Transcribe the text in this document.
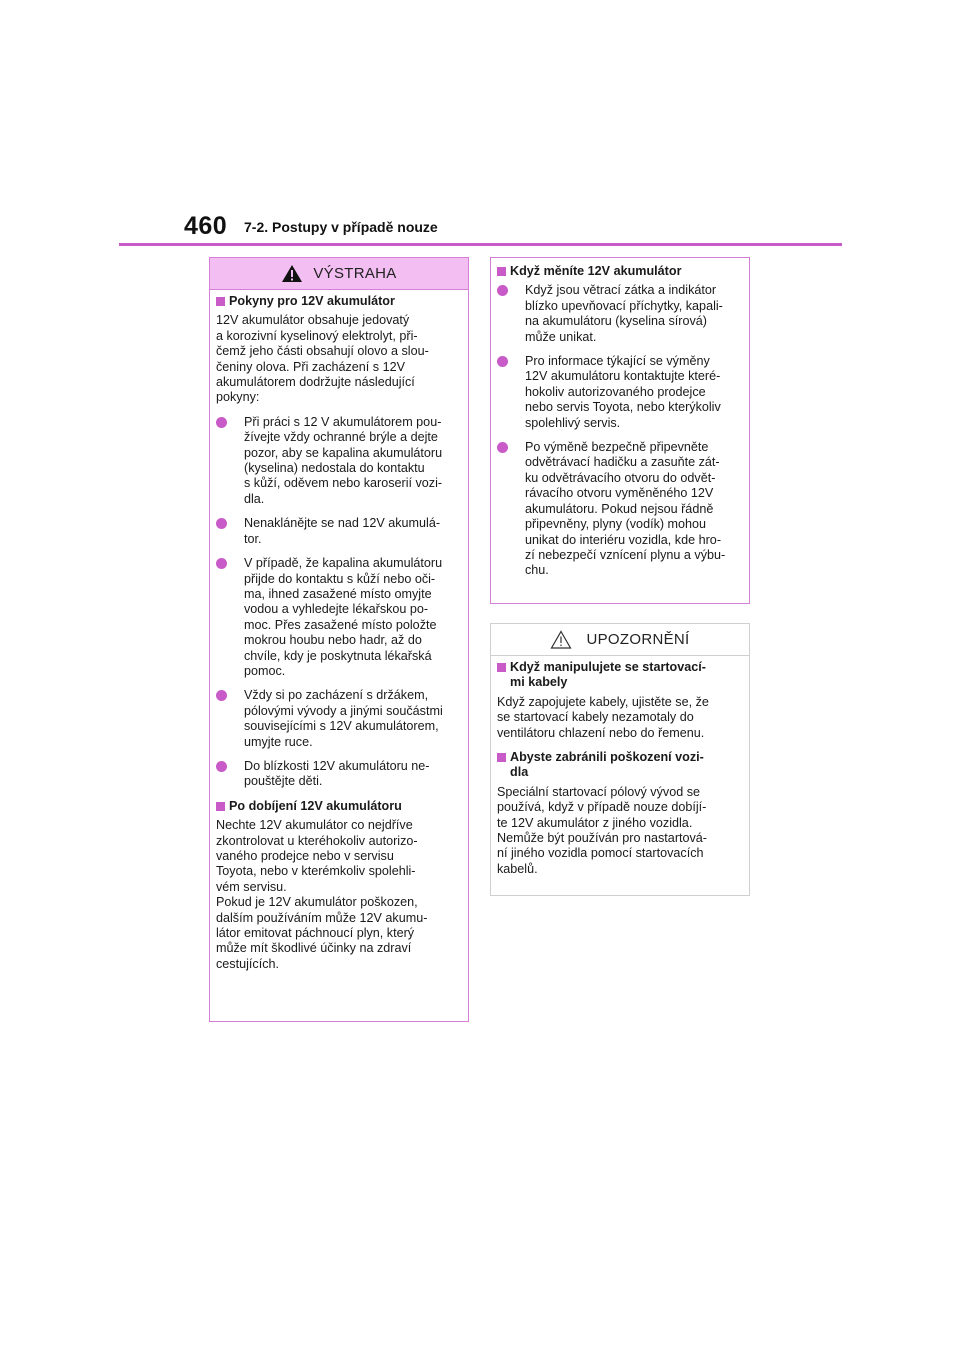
460 7-2. Postupy v případě nouze
VÝSTRAHA
Pokyny pro 12V akumulátor
12V akumulátor obsahuje jedovatý
a korozivní kyselinový elektrolyt, při-
čemž jeho části obsahují olovo a slou-
čeniny olova. Při zacházení s 12V
akumulátorem dodržujte následující
pokyny:
Při práci s 12 V akumulátorem pou-
žívejte vždy ochranné brýle a dejte
pozor, aby se kapalina akumulátoru
(kyselina) nedostala do kontaktu
s kůží, oděvem nebo karoserií vozi-
dla.
Nenaklánějte se nad 12V akumulá-
tor.
V případě, že kapalina akumulátoru
přijde do kontaktu s kůží nebo oči-
ma, ihned zasažené místo omyjte
vodou a vyhledejte lékařskou po-
moc. Přes zasažené místo položte
mokrou houbu nebo hadr, až do
chvíle, kdy je poskytnuta lékařská
pomoc.
Vždy si po zacházení s držákem,
pólovými vývody a jinými součástmi
souvisejícími s 12V akumulátorem,
umyjte ruce.
Do blízkosti 12V akumulátoru ne-
pouštějte děti.
Po dobíjení 12V akumulátoru
Nechte 12V akumulátor co nejdříve
zkontrolovat u kteréhokoliv autorizo-
vaného prodejce nebo v servisu
Toyota, nebo v kterémkoliv spolehli-
vém servisu.
Pokud je 12V akumulátor poškozen,
dalším používáním může 12V akumu-
látor emitovat páchnoucí plyn, který
může mít škodlivé účinky na zdraví
cestujících.
Když měníte 12V akumulátor
Když jsou větrací zátka a indikátor
blízko upevňovací příchytky, kapali-
na akumulátoru (kyselina sírová)
může unikat.
Pro informace týkající se výměny
12V akumulátoru kontaktujte které-
hokoliv autorizovaného prodejce
nebo servis Toyota, nebo kterýkoliv
spolehlivý servis.
Po výměně bezpečně připevněte
odvětrávací hadičku a zasuňte zát-
ku odvětrávacího otvoru do odvět-
rávacího otvoru vyměněného 12V
akumulátoru. Pokud nejsou řádně
připevněny, plyny (vodík) mohou
unikat do interiéru vozidla, kde hro-
zí nebezpečí vznícení plynu a výbu-
chu.
UPOZORNĚNÍ
Když manipulujete se startovací-
mi kabely
Když zapojujete kabely, ujistěte se, že
se startovací kabely nezamotaly do
ventilátoru chlazení nebo do řemenu.
Abyste zabránili poškození vozi-
dla
Speciální startovací pólový vývod se
používá, když v případě nouze dobíjí-
te 12V akumulátor z jiného vozidla.
Nemůže být používán pro nastartová-
ní jiného vozidla pomocí startovacích
kabelů.
